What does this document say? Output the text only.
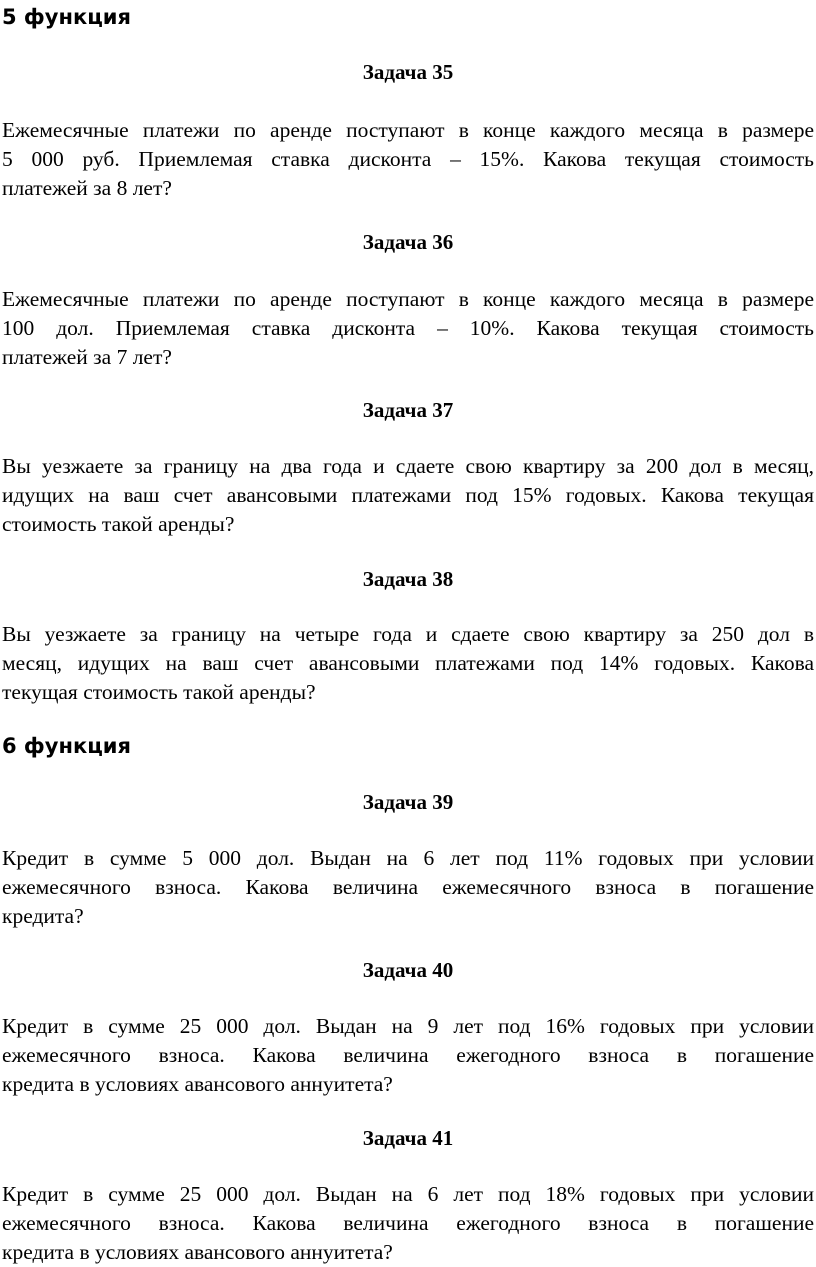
5 функция
Задача 35
Ежемесячные платежи по аренде поступают в конце каждого месяца в размере
5 000 руб. Приемлемая ставка дисконта – 15%. Какова текущая стоимость
платежей за 8 лет?
Задача 36
Ежемесячные платежи по аренде поступают в конце каждого месяца в размере
100 дол. Приемлемая ставка дисконта – 10%. Какова текущая стоимость
платежей за 7 лет?
Задача 37
Вы уезжаете за границу на два года и сдаете свою квартиру за 200 дол в месяц,
идущих на ваш счет авансовыми платежами под 15% годовых. Какова текущая
стоимость такой аренды?
Задача 38
Вы уезжаете за границу на четыре года и сдаете свою квартиру за 250 дол в
месяц, идущих на ваш счет авансовыми платежами под 14% годовых. Какова
текущая стоимость такой аренды?
6 функция
Задача 39
Кредит в сумме 5 000 дол. Выдан на 6 лет под 11% годовых при условии
ежемесячного взноса. Какова величина ежемесячного взноса в погашение
кредита?
Задача 40
Кредит в сумме 25 000 дол. Выдан на 9 лет под 16% годовых при условии
ежемесячного взноса. Какова величина ежегодного взноса в погашение
кредита в условиях авансового аннуитета?
Задача 41
Кредит в сумме 25 000 дол. Выдан на 6 лет под 18% годовых при условии
ежемесячного взноса. Какова величина ежегодного взноса в погашение
кредита в условиях авансового аннуитета?
